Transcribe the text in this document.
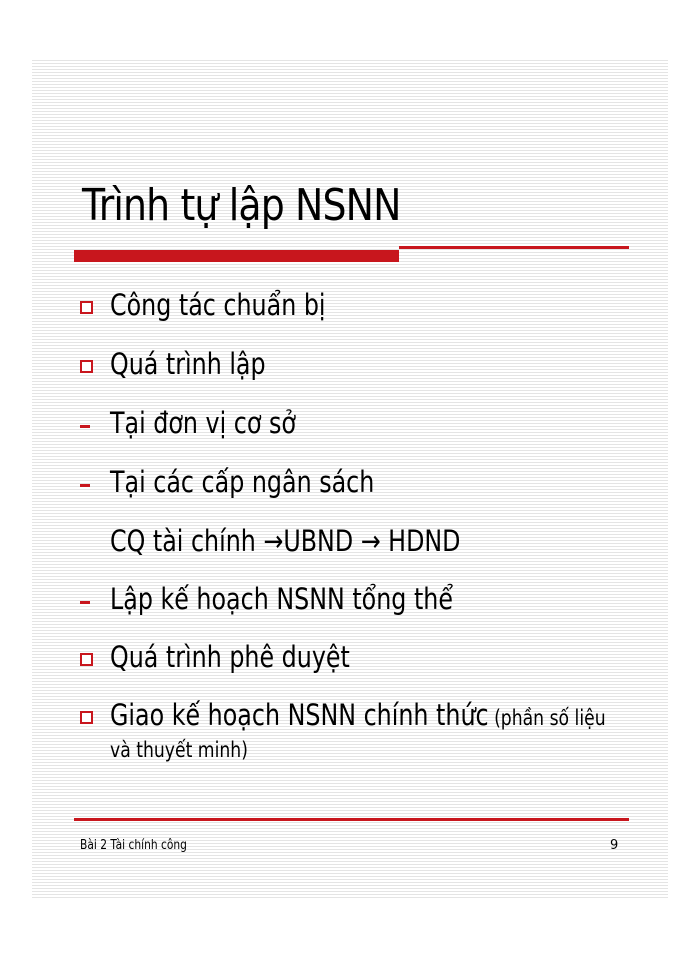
Trình tự lập NSNN
Công tác chuẩn bị
Quá trình lập
Tại đơn vị cơ sở
Tại các cấp ngân sách
CQ tài chính →UBND → HDND
Lập kế hoạch NSNN tổng thể
Quá trình phê duyệt
Giao kế hoạch NSNN chính thức (phần số liệu
và thuyết minh)
Bài 2 Tài chính công	9
